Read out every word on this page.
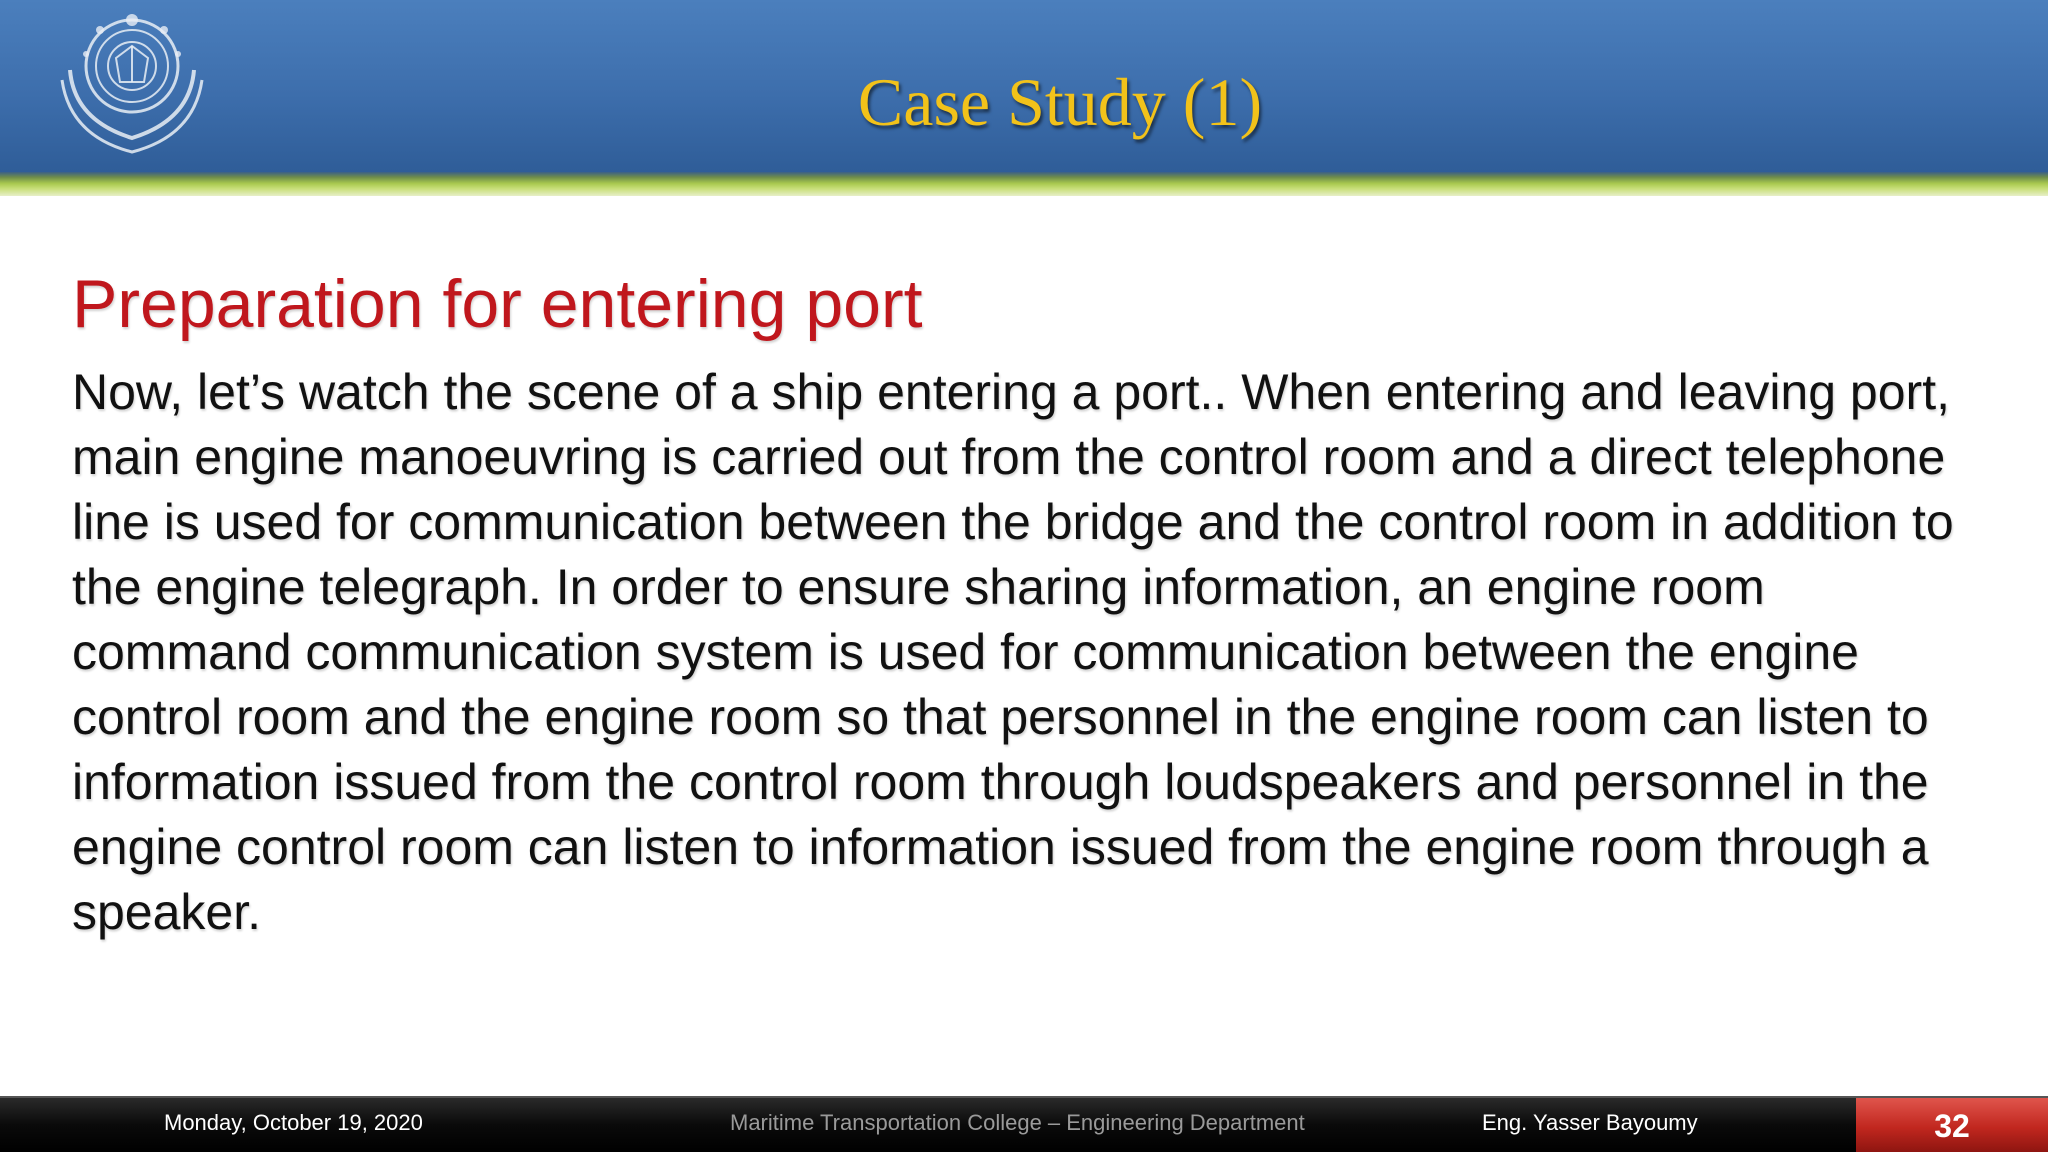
Case Study (1)
Preparation for entering port
Now, let’s watch the scene of a ship entering a port.. When entering and leaving port, main engine manoeuvring is carried out from the control room and a direct telephone line is used for communication between the bridge and the control room in addition to the engine telegraph. In order to ensure sharing information, an engine room command communication system is used for communication between the engine control room and the engine room so that personnel in the engine room can listen to information issued from the control room through loudspeakers and personnel in the engine control room can listen to information issued from the engine room through a speaker.
Monday, October 19, 2020	Maritime Transportation College – Engineering Department	Eng. Yasser Bayoumy	32
